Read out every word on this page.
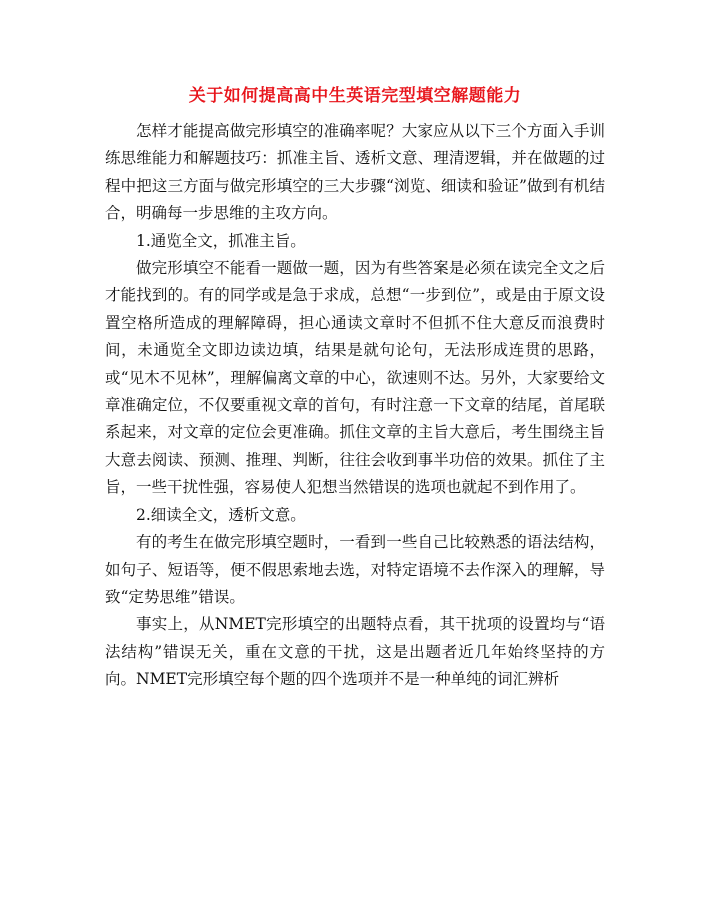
关于如何提高高中生英语完型填空解题能力

怎样才能提高做完形填空的准确率呢？大家应从以下三个方面入手训练思维能力和解题技巧：抓准主旨、透析文意、理清逻辑，并在做题的过程中把这三方面与做完形填空的三大步骤“浏览、细读和验证”做到有机结合，明确每一步思维的主攻方向。

1.通览全文，抓准主旨。

做完形填空不能看一题做一题，因为有些答案是必须在读完全文之后才能找到的。有的同学或是急于求成，总想“一步到位”，或是由于原文设置空格所造成的理解障碍，担心通读文章时不但抓不住大意反而浪费时间，未通览全文即边读边填，结果是就句论句，无法形成连贯的思路，或“见木不见林”，理解偏离文章的中心，欲速则不达。另外，大家要给文章准确定位，不仅要重视文章的首句，有时注意一下文章的结尾，首尾联系起来，对文章的定位会更准确。抓住文章的主旨大意后，考生围绕主旨大意去阅读、预测、推理、判断，往往会收到事半功倍的效果。抓住了主旨，一些干扰性强，容易使人犯想当然错误的选项也就起不到作用了。

2.细读全文，透析文意。

有的考生在做完形填空题时，一看到一些自己比较熟悉的语法结构，如句子、短语等，便不假思索地去选，对特定语境不去作深入的理解，导致“定势思维”错误。

事实上，从NMET完形填空的出题特点看，其干扰项的设置均与“语法结构”错误无关，重在文意的干扰，这是出题者近几年始终坚持的方向。NMET完形填空每个题的四个选项并不是一种单纯的词汇辨析
